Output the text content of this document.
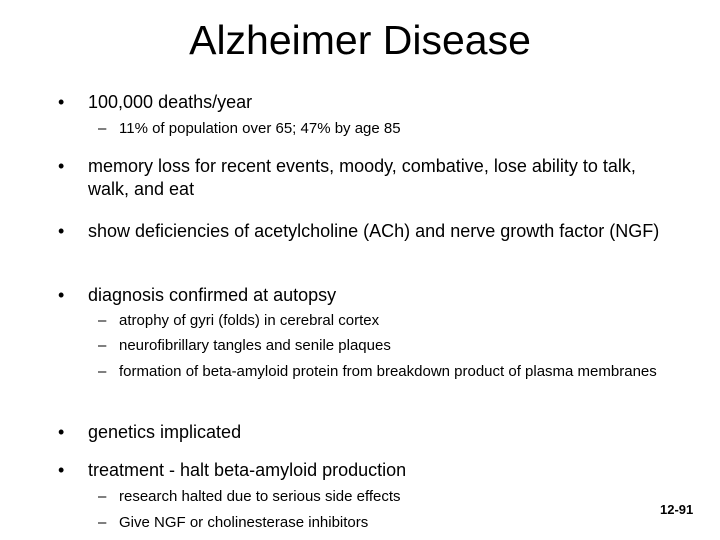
Alzheimer Disease
•	100,000 deaths/year
– 11% of population over 65; 47% by age 85
•	memory loss for recent events, moody, combative, lose ability to talk, walk, and eat
•	show deficiencies of acetylcholine (ACh) and nerve growth factor (NGF)
•	diagnosis confirmed at autopsy
– atrophy of gyri (folds) in cerebral cortex
– neurofibrillary tangles and senile plaques
– formation of beta-amyloid protein from breakdown product of plasma membranes
•	genetics implicated
•	treatment - halt beta-amyloid production
– research halted due to serious side effects
– Give NGF or cholinesterase inhibitors
12-91
